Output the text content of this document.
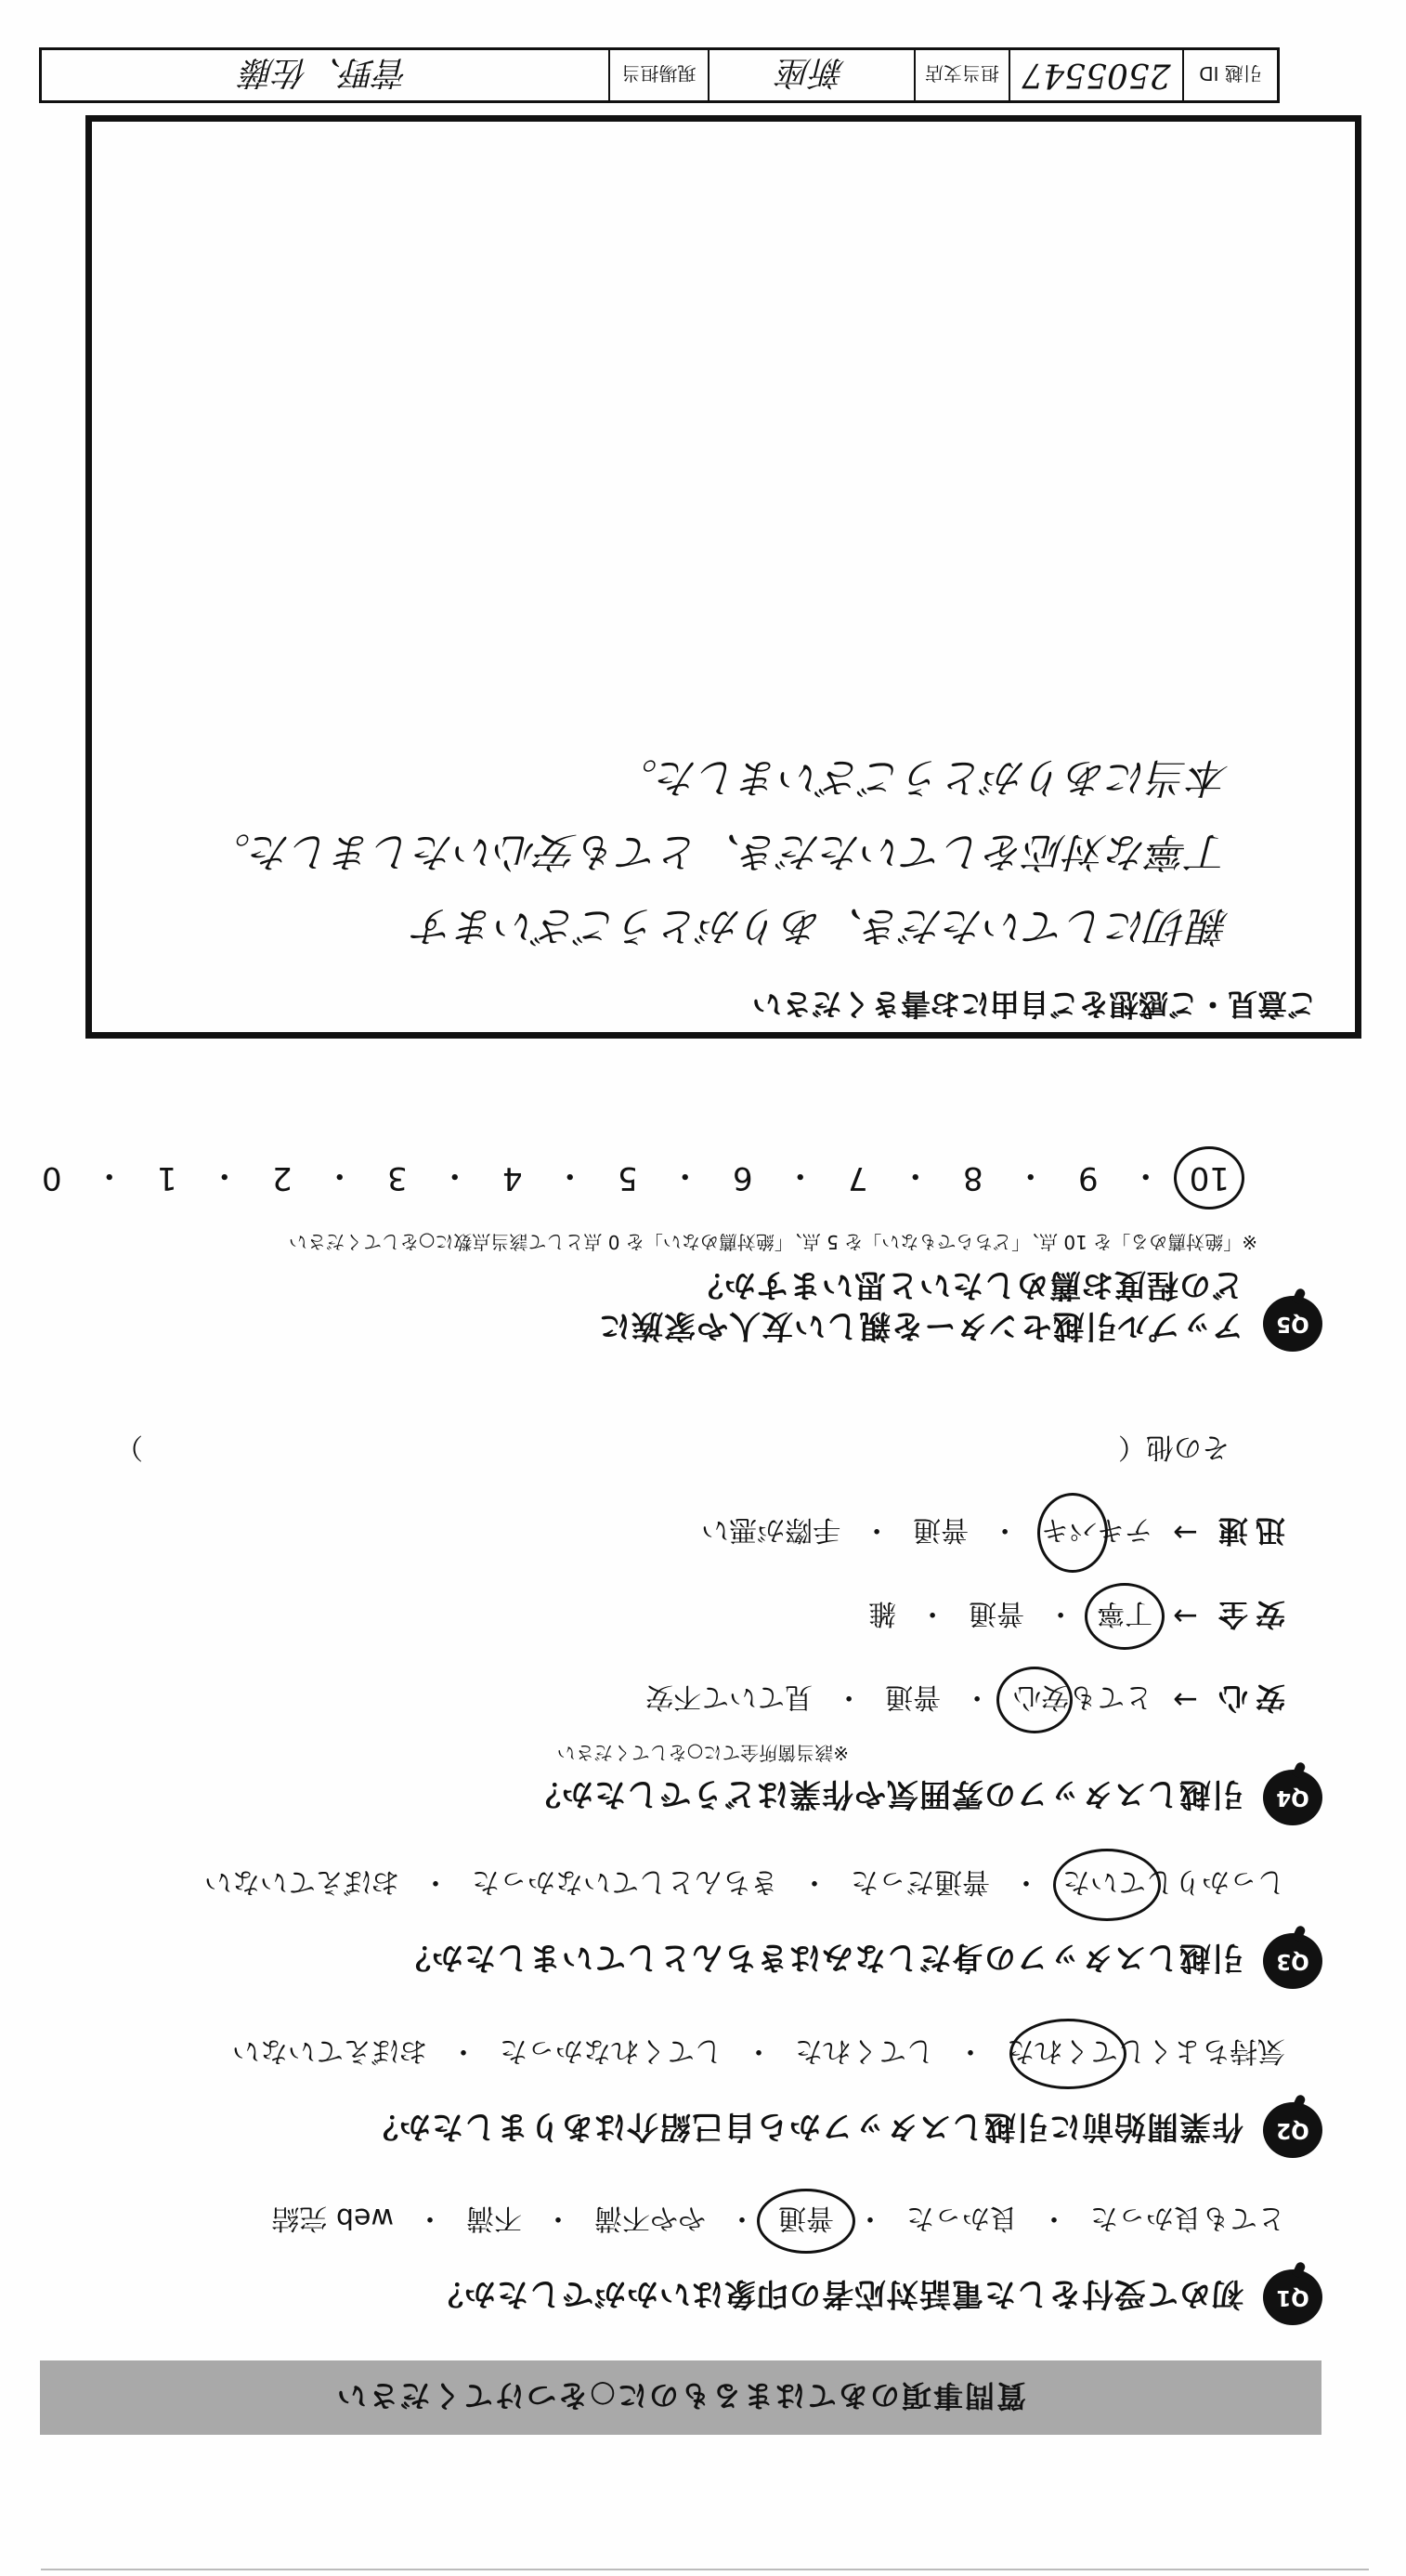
質問事項のあてはまるものに○をつけてください
Q1
初めて受付をした電話対応者の印象はいかがでしたか？
とても良かった
・
良かった
・
普通
・
やや不満
・
不満
・
web 完結
Q2
作業開始前に引越しスタッフから自己紹介はありましたか？
気持ちよくしてくれた
・
してくれた
・
してくれなかった
・
おぼえていない
Q3
引越しスタッフの身だしなみはきちんとしていましたか？
しっかりしていた
・
普通だった
・
きちんとしていなかった
・
おぼえていない
Q4
引越しスタッフの雰囲気や作業はどうでしたか？
※該当箇所全てに○をしてください
安心
→
とても安心
・
普通
・
見ていて不安
安全
→
丁寧
・
普通
・
雑
迅速
→
テキパキ
・
普通
・
手際が悪い
その他（
）
Q5
アップル引越センターを親しい友人や家族に
どの程度お薦めしたいと思いますか？
※「絶対薦める」を 10 点、「どちらでもない」を 5 点、「絶対薦めない」を 0 点として該当点数に○をしてください
10
・
9
・
8
・
7
・
6
・
5
・
4
・
3
・
2
・
1
・
0
ご意見・ご感想をご自由にお書きください
親切にしていただき、ありがとうございます
丁寧な対応をしていただき、とても安心いたしました。
本当にありがとうございました。
引越 ID
2505547
担当支店
新座
現場担当
菅野、佐藤
